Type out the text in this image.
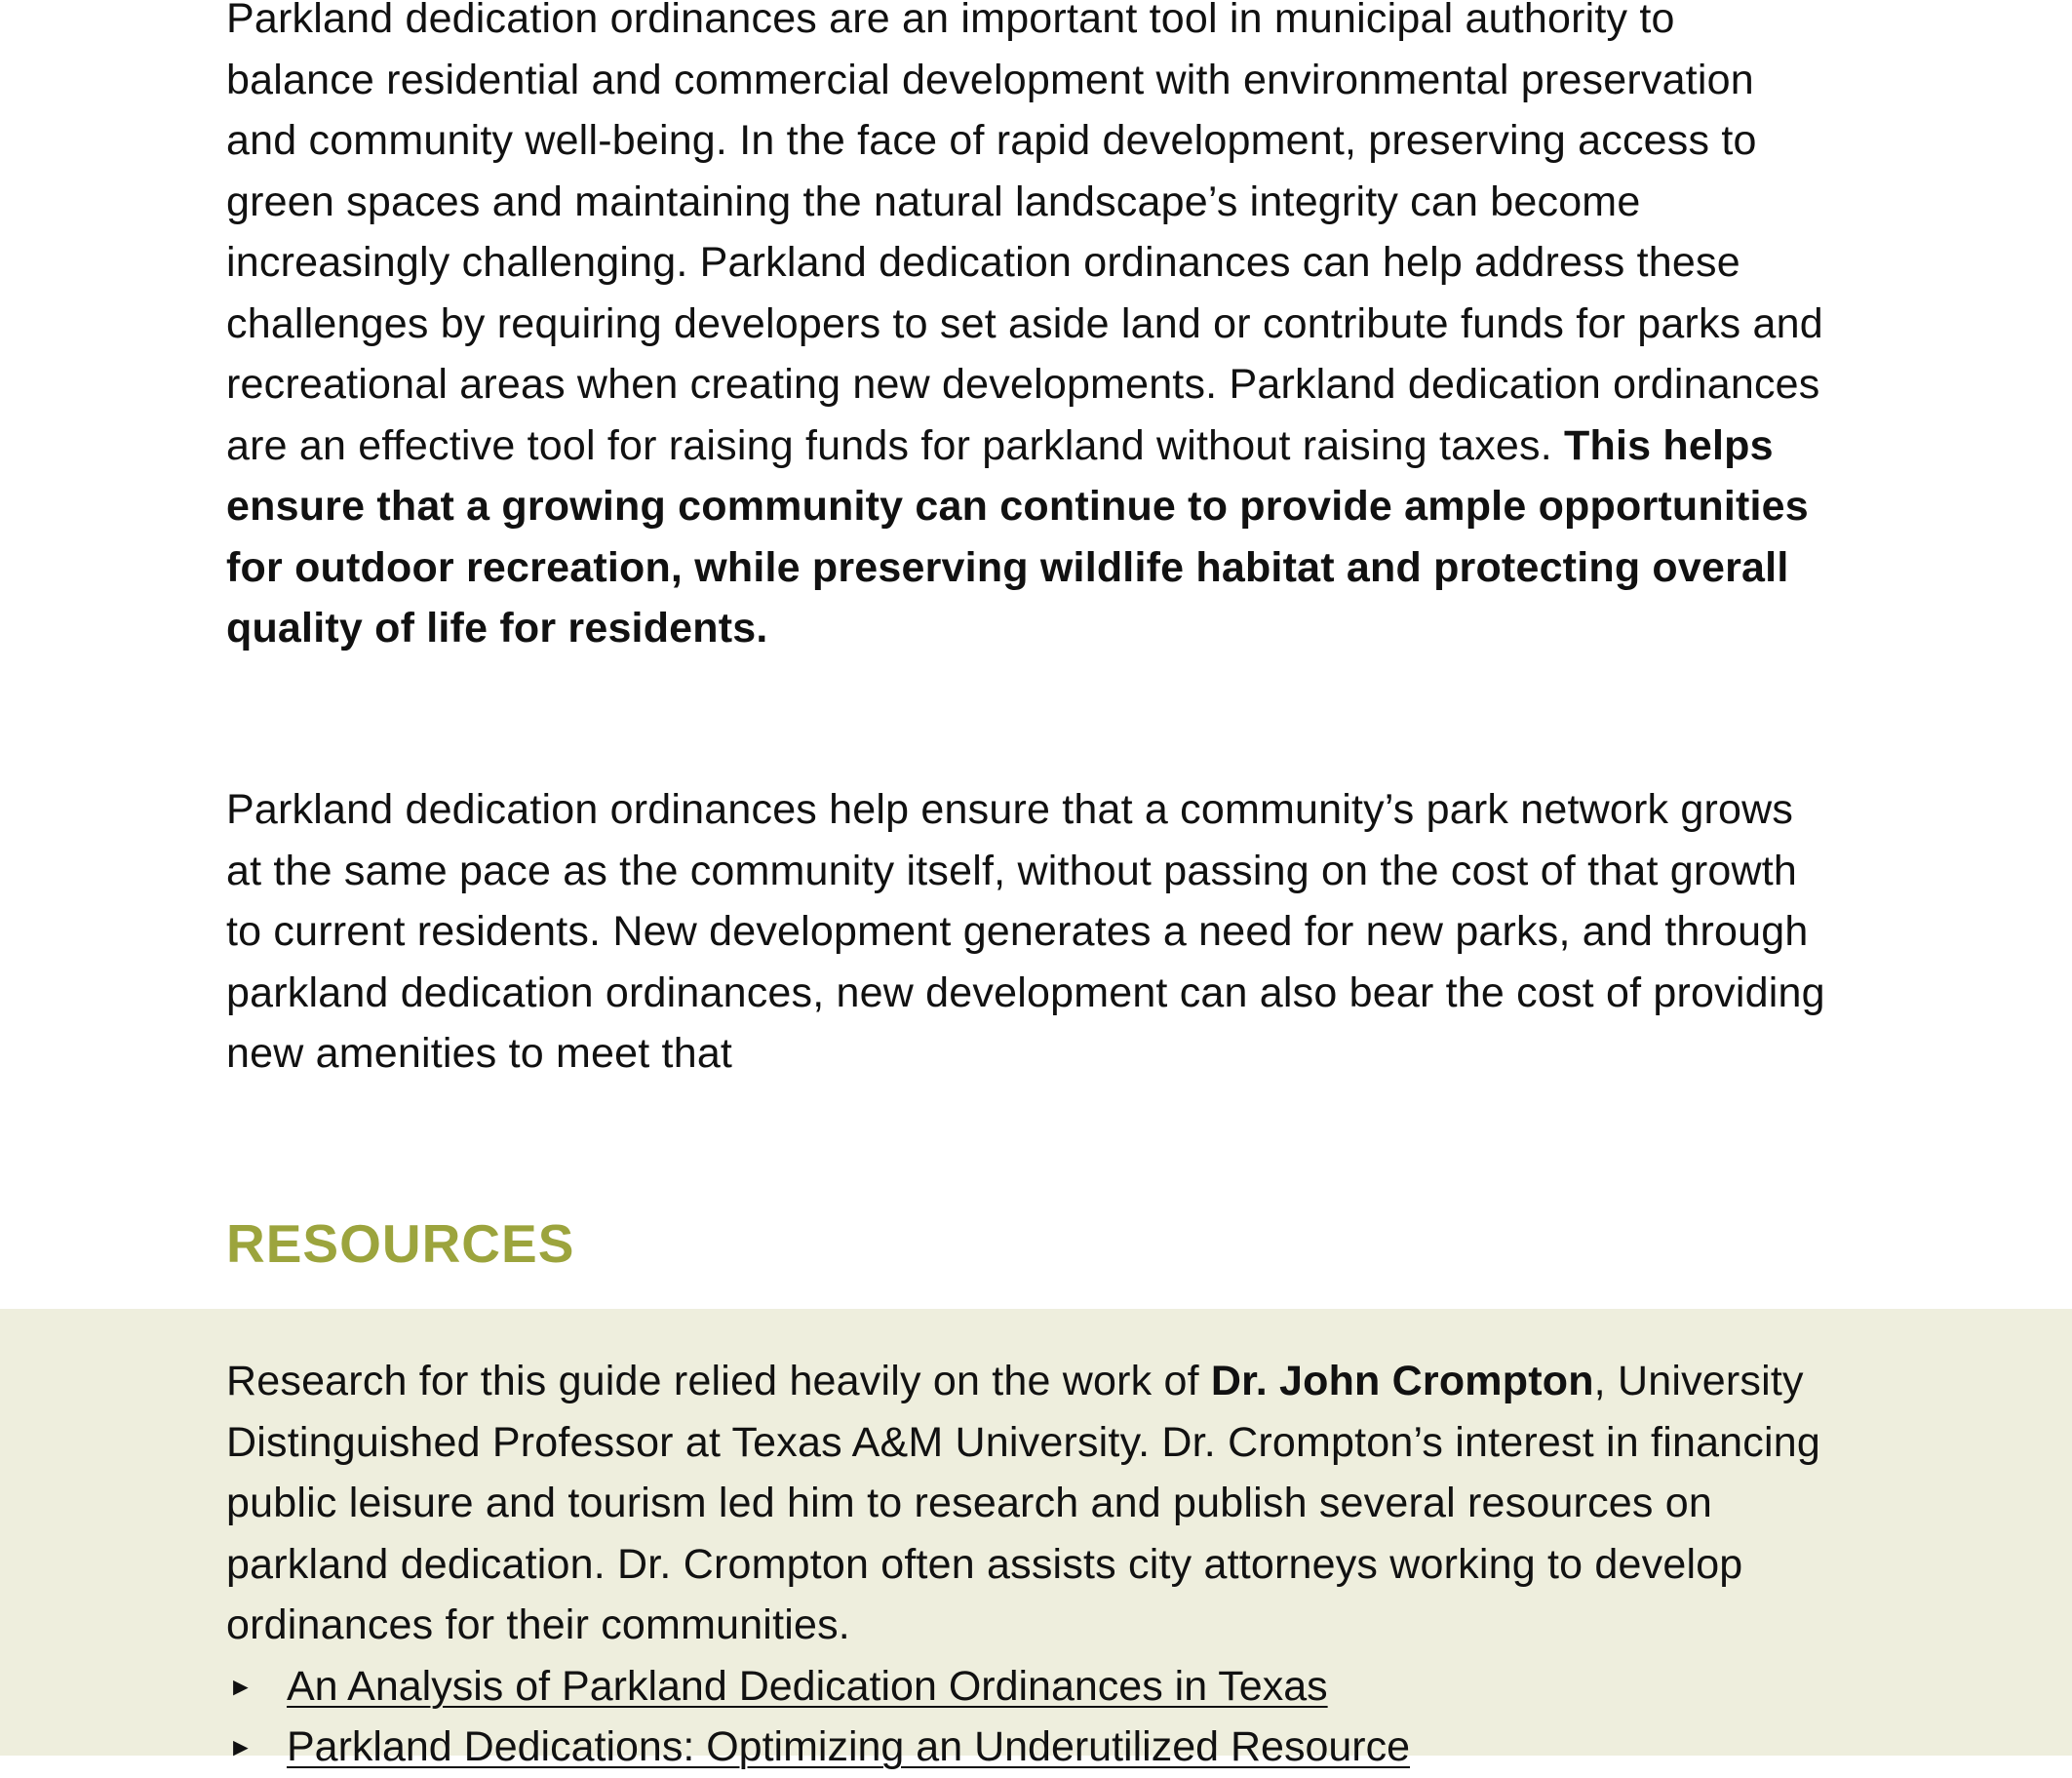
Parkland dedication ordinances are an important tool in municipal authority to balance residential and commercial development with environmental preservation and community well-being. In the face of rapid development, preserving access to green spaces and maintaining the natural landscape’s integrity can become increasingly challenging. Parkland dedication ordinances can help address these challenges by requiring developers to set aside land or contribute funds for parks and recreational areas when creating new developments. Parkland dedication ordinances are an effective tool for raising funds for parkland without raising taxes. This helps ensure that a growing community can continue to provide ample opportunities for outdoor recreation, while preserving wildlife habitat and protecting overall quality of life for residents.

Parkland dedication ordinances help ensure that a community’s park network grows at the same pace as the community itself, without passing on the cost of that growth to current residents. New development generates a need for new parks, and through parkland dedication ordinances, new development can also bear the cost of providing new amenities to meet that

RESOURCES

Research for this guide relied heavily on the work of Dr. John Crompton, University Distinguished Professor at Texas A&M University. Dr. Crompton’s interest in financing public leisure and tourism led him to research and publish several resources on parkland dedication. Dr. Crompton often assists city attorneys working to develop ordinances for their communities.

► An Analysis of Parkland Dedication Ordinances in Texas
► Parkland Dedications: Optimizing an Underutilized Resource
